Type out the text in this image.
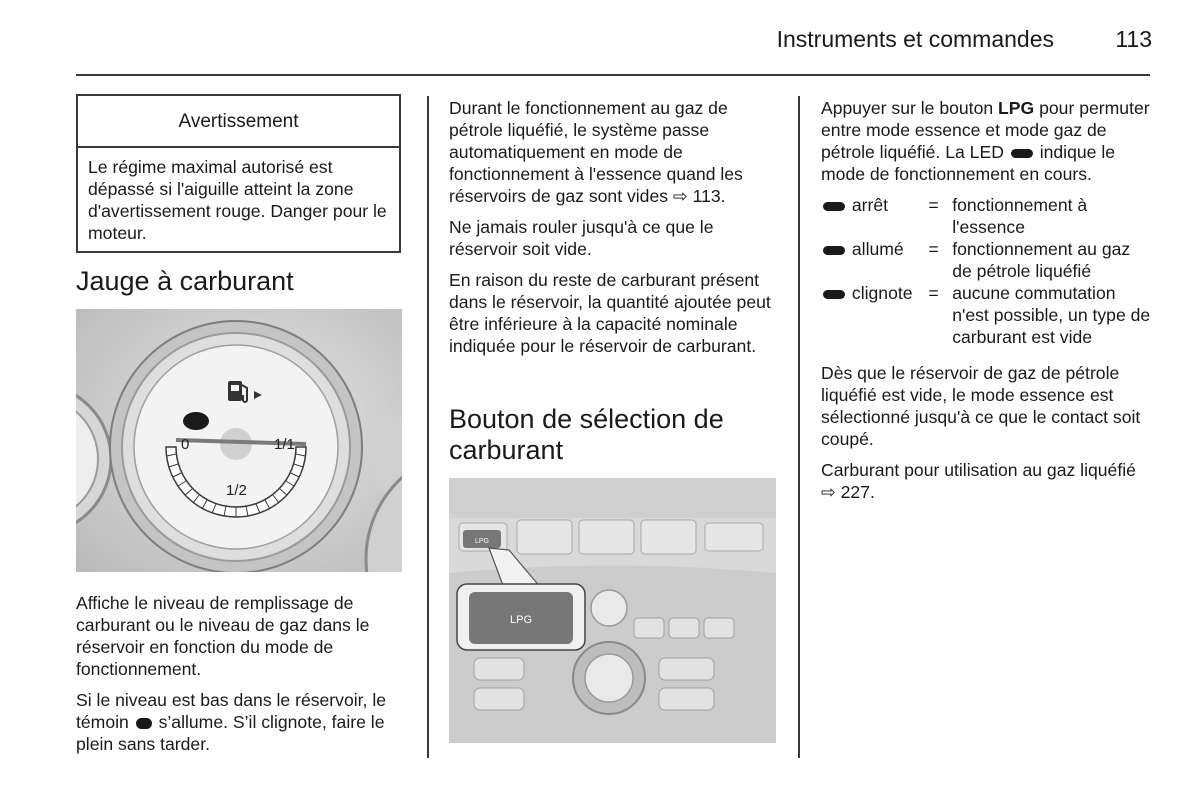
Instruments et commandes	113
Avertissement
Le régime maximal autorisé est dépassé si l'aiguille atteint la zone d'avertissement rouge. Danger pour le moteur.
Jauge à carburant
0	1/1
1/2

Affiche le niveau de remplissage de carburant ou le niveau de gaz dans le réservoir en fonction du mode de fonctionnement.

Si le niveau est bas dans le réservoir, le témoin s’allume. S’il clignote, faire le plein sans tarder.

Durant le fonctionnement au gaz de pétrole liquéfié, le système passe automatiquement en mode de fonctionnement à l'essence quand les réservoirs de gaz sont vides ⇨ 113.

Ne jamais rouler jusqu'à ce que le réservoir soit vide.

En raison du reste de carburant présent dans le réservoir, la quantité ajoutée peut être inférieure à la capacité nominale indiquée pour le réservoir de carburant.

Bouton de sélection de carburant
LPG
LPG

Appuyer sur le bouton LPG pour permuter entre mode essence et mode gaz de pétrole liquéfié. La LED indique le mode de fonctionnement en cours.

arrêt	= fonctionnement à l'essence
allumé	= fonctionnement au gaz de pétrole liquéfié
clignote = aucune commutation n'est possible, un type de carburant est vide

Dès que le réservoir de gaz de pétrole liquéfié est vide, le mode essence est sélectionné jusqu'à ce que le contact soit coupé.

Carburant pour utilisation au gaz liquéfié ⇨ 227.
